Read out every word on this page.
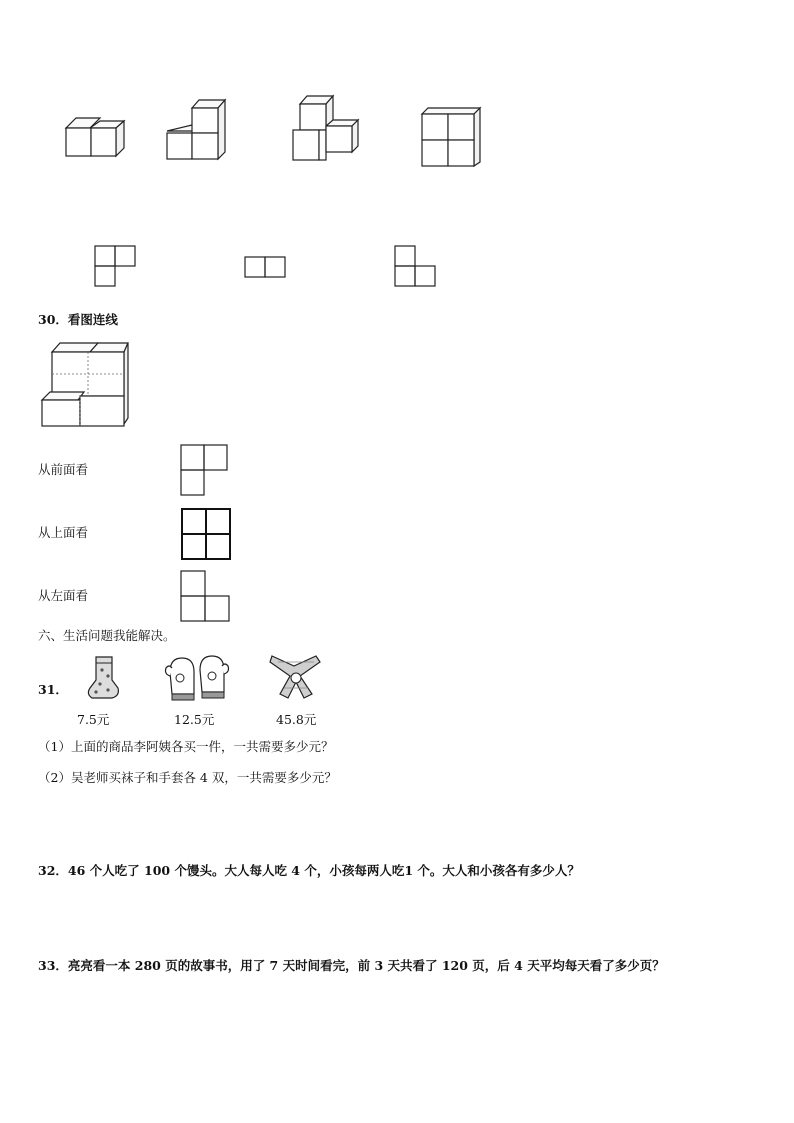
30．看图连线
从前面看
从上面看
从左面看
六、生活问题我能解决。
31．
7.5元	12.5元	45.8元
（1）上面的商品李阿姨各买一件，一共需要多少元？
（2）吴老师买袜子和手套各 4 双，一共需要多少元？
32．46 个人吃了 100 个馒头。大人每人吃 4 个，小孩每两人吃1 个。大人和小孩各有多少人？
33．亮亮看一本 280 页的故事书，用了 7 天时间看完，前 3 天共看了 120 页，后 4 天平均每天看了多少页？
